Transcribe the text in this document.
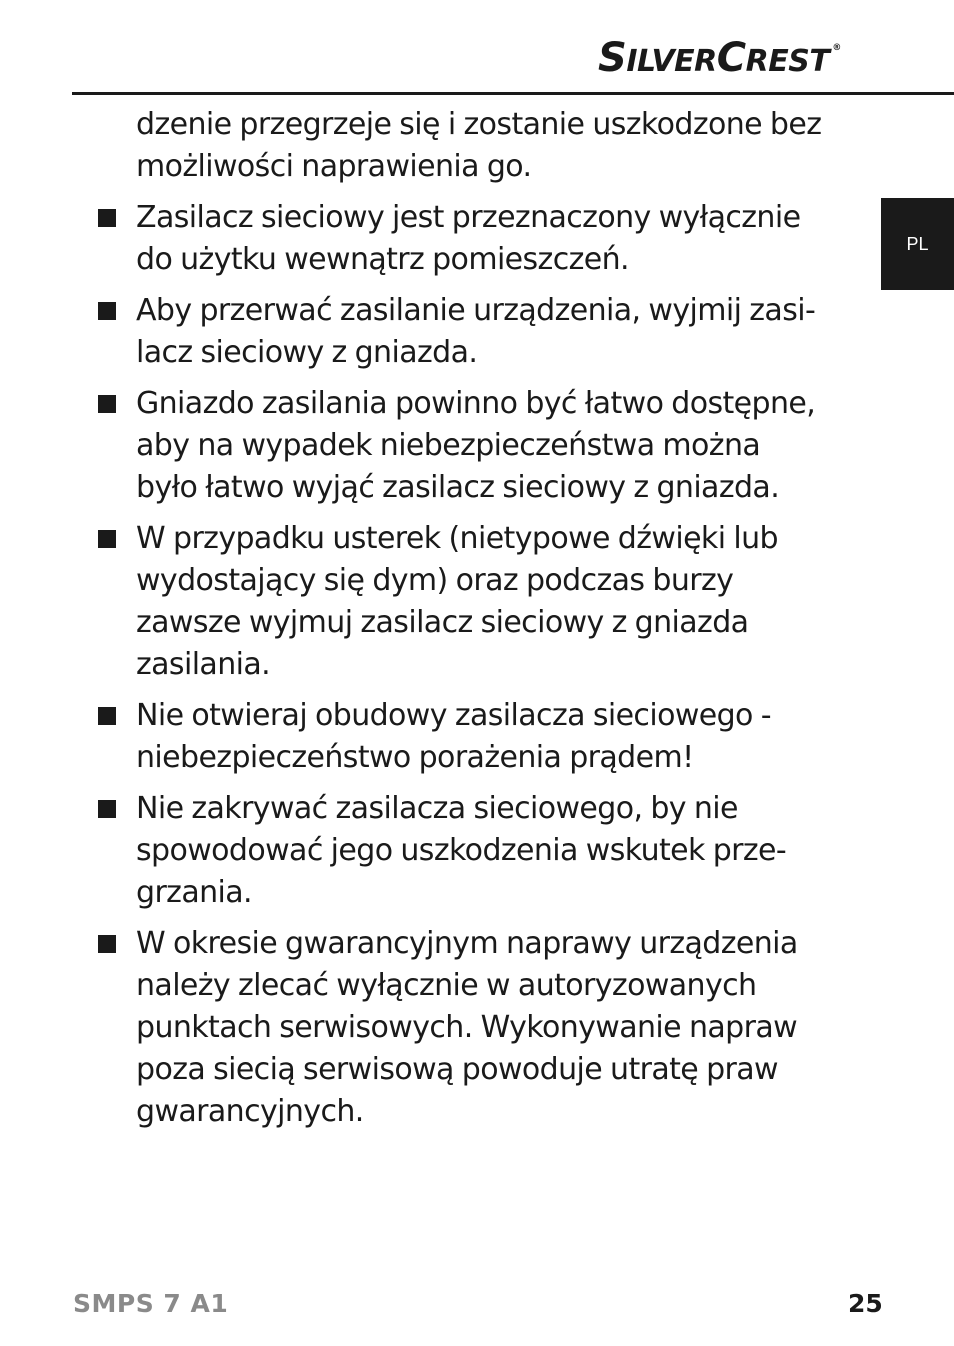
SILVERCREST ®
PL
dzenie przegrzeje się i zostanie uszkodzone bez
możliwości naprawienia go.
Zasilacz sieciowy jest przeznaczony wyłącznie
do użytku wewnątrz pomieszczeń.
Aby przerwać zasilanie urządzenia, wyjmij zasi-
lacz sieciowy z gniazda.
Gniazdo zasilania powinno być łatwo dostępne,
aby na wypadek niebezpieczeństwa można
było łatwo wyjąć zasilacz sieciowy z gniazda.
W przypadku usterek (nietypowe dźwięki lub
wydostający się dym) oraz podczas burzy
zawsze wyjmuj zasilacz sieciowy z gniazda
zasilania.
Nie otwieraj obudowy zasilacza sieciowego -
niebezpieczeństwo porażenia prądem!
Nie zakrywać zasilacza sieciowego, by nie
spowodować jego uszkodzenia wskutek prze-
grzania.
W okresie gwarancyjnym naprawy urządzenia
należy zlecać wyłącznie w autoryzowanych
punktach serwisowych. Wykonywanie napraw
poza siecią serwisową powoduje utratę praw
gwarancyjnych.
SMPS 7 A1	25
